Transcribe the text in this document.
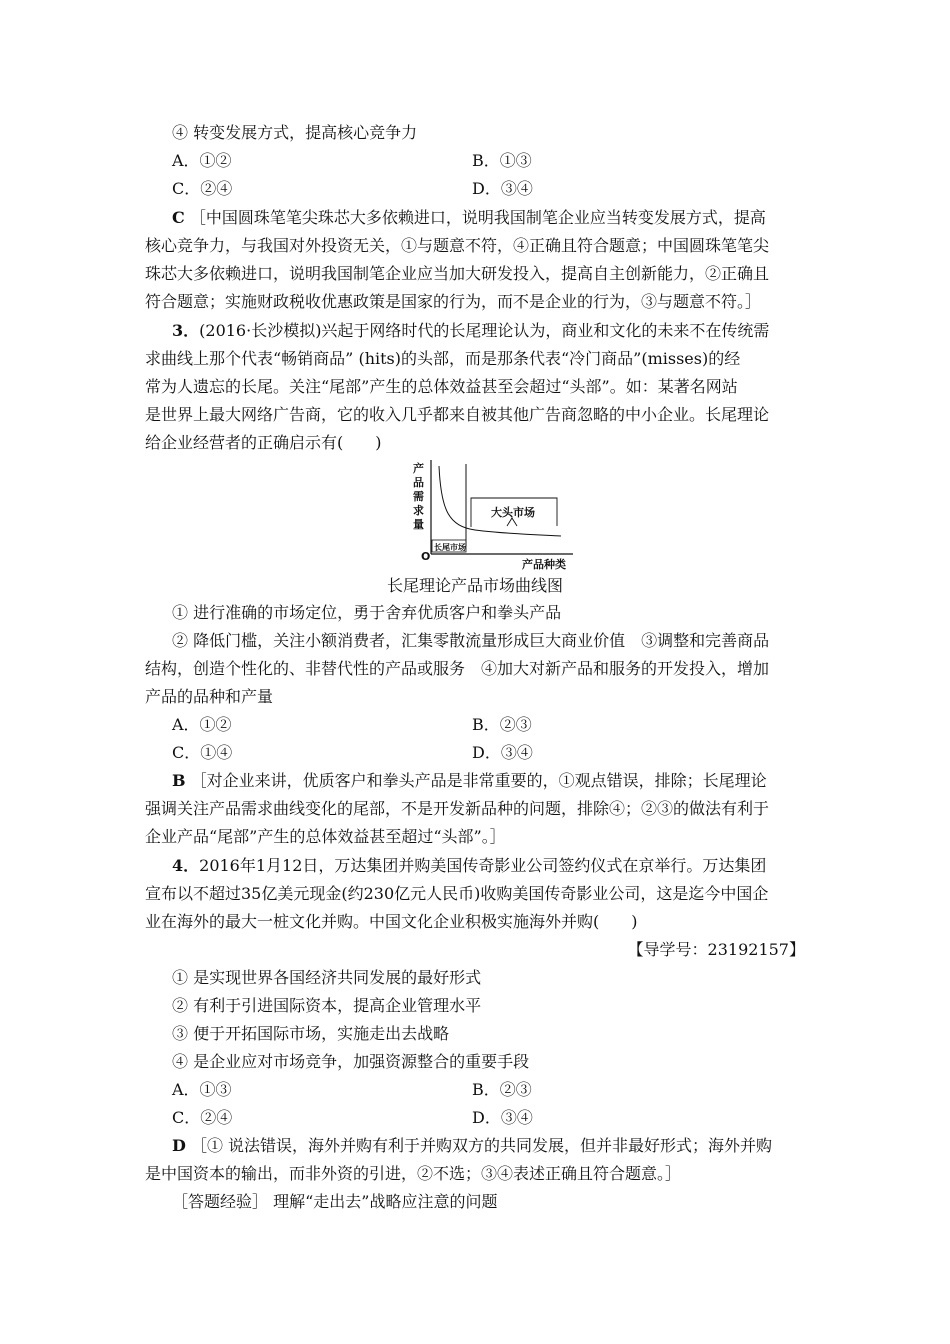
④ 转变发展方式，提高核心竞争力
A．①②	B．①③
C．②④	D．③④
C ［中国圆珠笔笔尖珠芯大多依赖进口，说明我国制笔企业应当转变发展方式，提高
核心竞争力，与我国对外投资无关，①与题意不符，④正确且符合题意；中国圆珠笔笔尖
珠芯大多依赖进口，说明我国制笔企业应当加大研发投入，提高自主创新能力，②正确且
符合题意；实施财政税收优惠政策是国家的行为，而不是企业的行为，③与题意不符。］
3．(2016·长沙模拟)兴起于网络时代的长尾理论认为，商业和文化的未来不在传统需
求曲线上那个代表“畅销商品” (hits)的头部，而是那条代表“冷门商品”(misses)的经
常为人遗忘的长尾。关注“尾部”产生的总体效益甚至会超过“头部”。如：某著名网站
是世界上最大网络广告商，它的收入几乎都来自被其他广告商忽略的中小企业。长尾理论
给企业经营者的正确启示有(　　)
产
品
需
求
量
O
产品种类
大头市场
长尾市场
长尾理论产品市场曲线图
① 进行准确的市场定位，勇于舍弃优质客户和拳头产品
② 降低门槛，关注小额消费者，汇集零散流量形成巨大商业价值　③调整和完善商品
结构，创造个性化的、非替代性的产品或服务　④加大对新产品和服务的开发投入，增加
产品的品种和产量
A．①②	B．②③
C．①④	D．③④
B ［对企业来讲，优质客户和拳头产品是非常重要的，①观点错误，排除；长尾理论
强调关注产品需求曲线变化的尾部，不是开发新品种的问题，排除④；②③的做法有利于
企业产品“尾部”产生的总体效益甚至超过“头部”。］
4．2016年1月12日，万达集团并购美国传奇影业公司签约仪式在京举行。万达集团
宣布以不超过35亿美元现金(约230亿元人民币)收购美国传奇影业公司，这是迄今中国企
业在海外的最大一桩文化并购。中国文化企业积极实施海外并购(　　)
【导学号：23192157】
① 是实现世界各国经济共同发展的最好形式
② 有利于引进国际资本，提高企业管理水平
③ 便于开拓国际市场，实施走出去战略
④ 是企业应对市场竞争，加强资源整合的重要手段
A．①③	B．②③
C．②④	D．③④
D ［① 说法错误，海外并购有利于并购双方的共同发展，但并非最好形式；海外并购
是中国资本的输出，而非外资的引进，②不选；③④表述正确且符合题意。］
［答题经验］ 理解“走出去”战略应注意的问题
